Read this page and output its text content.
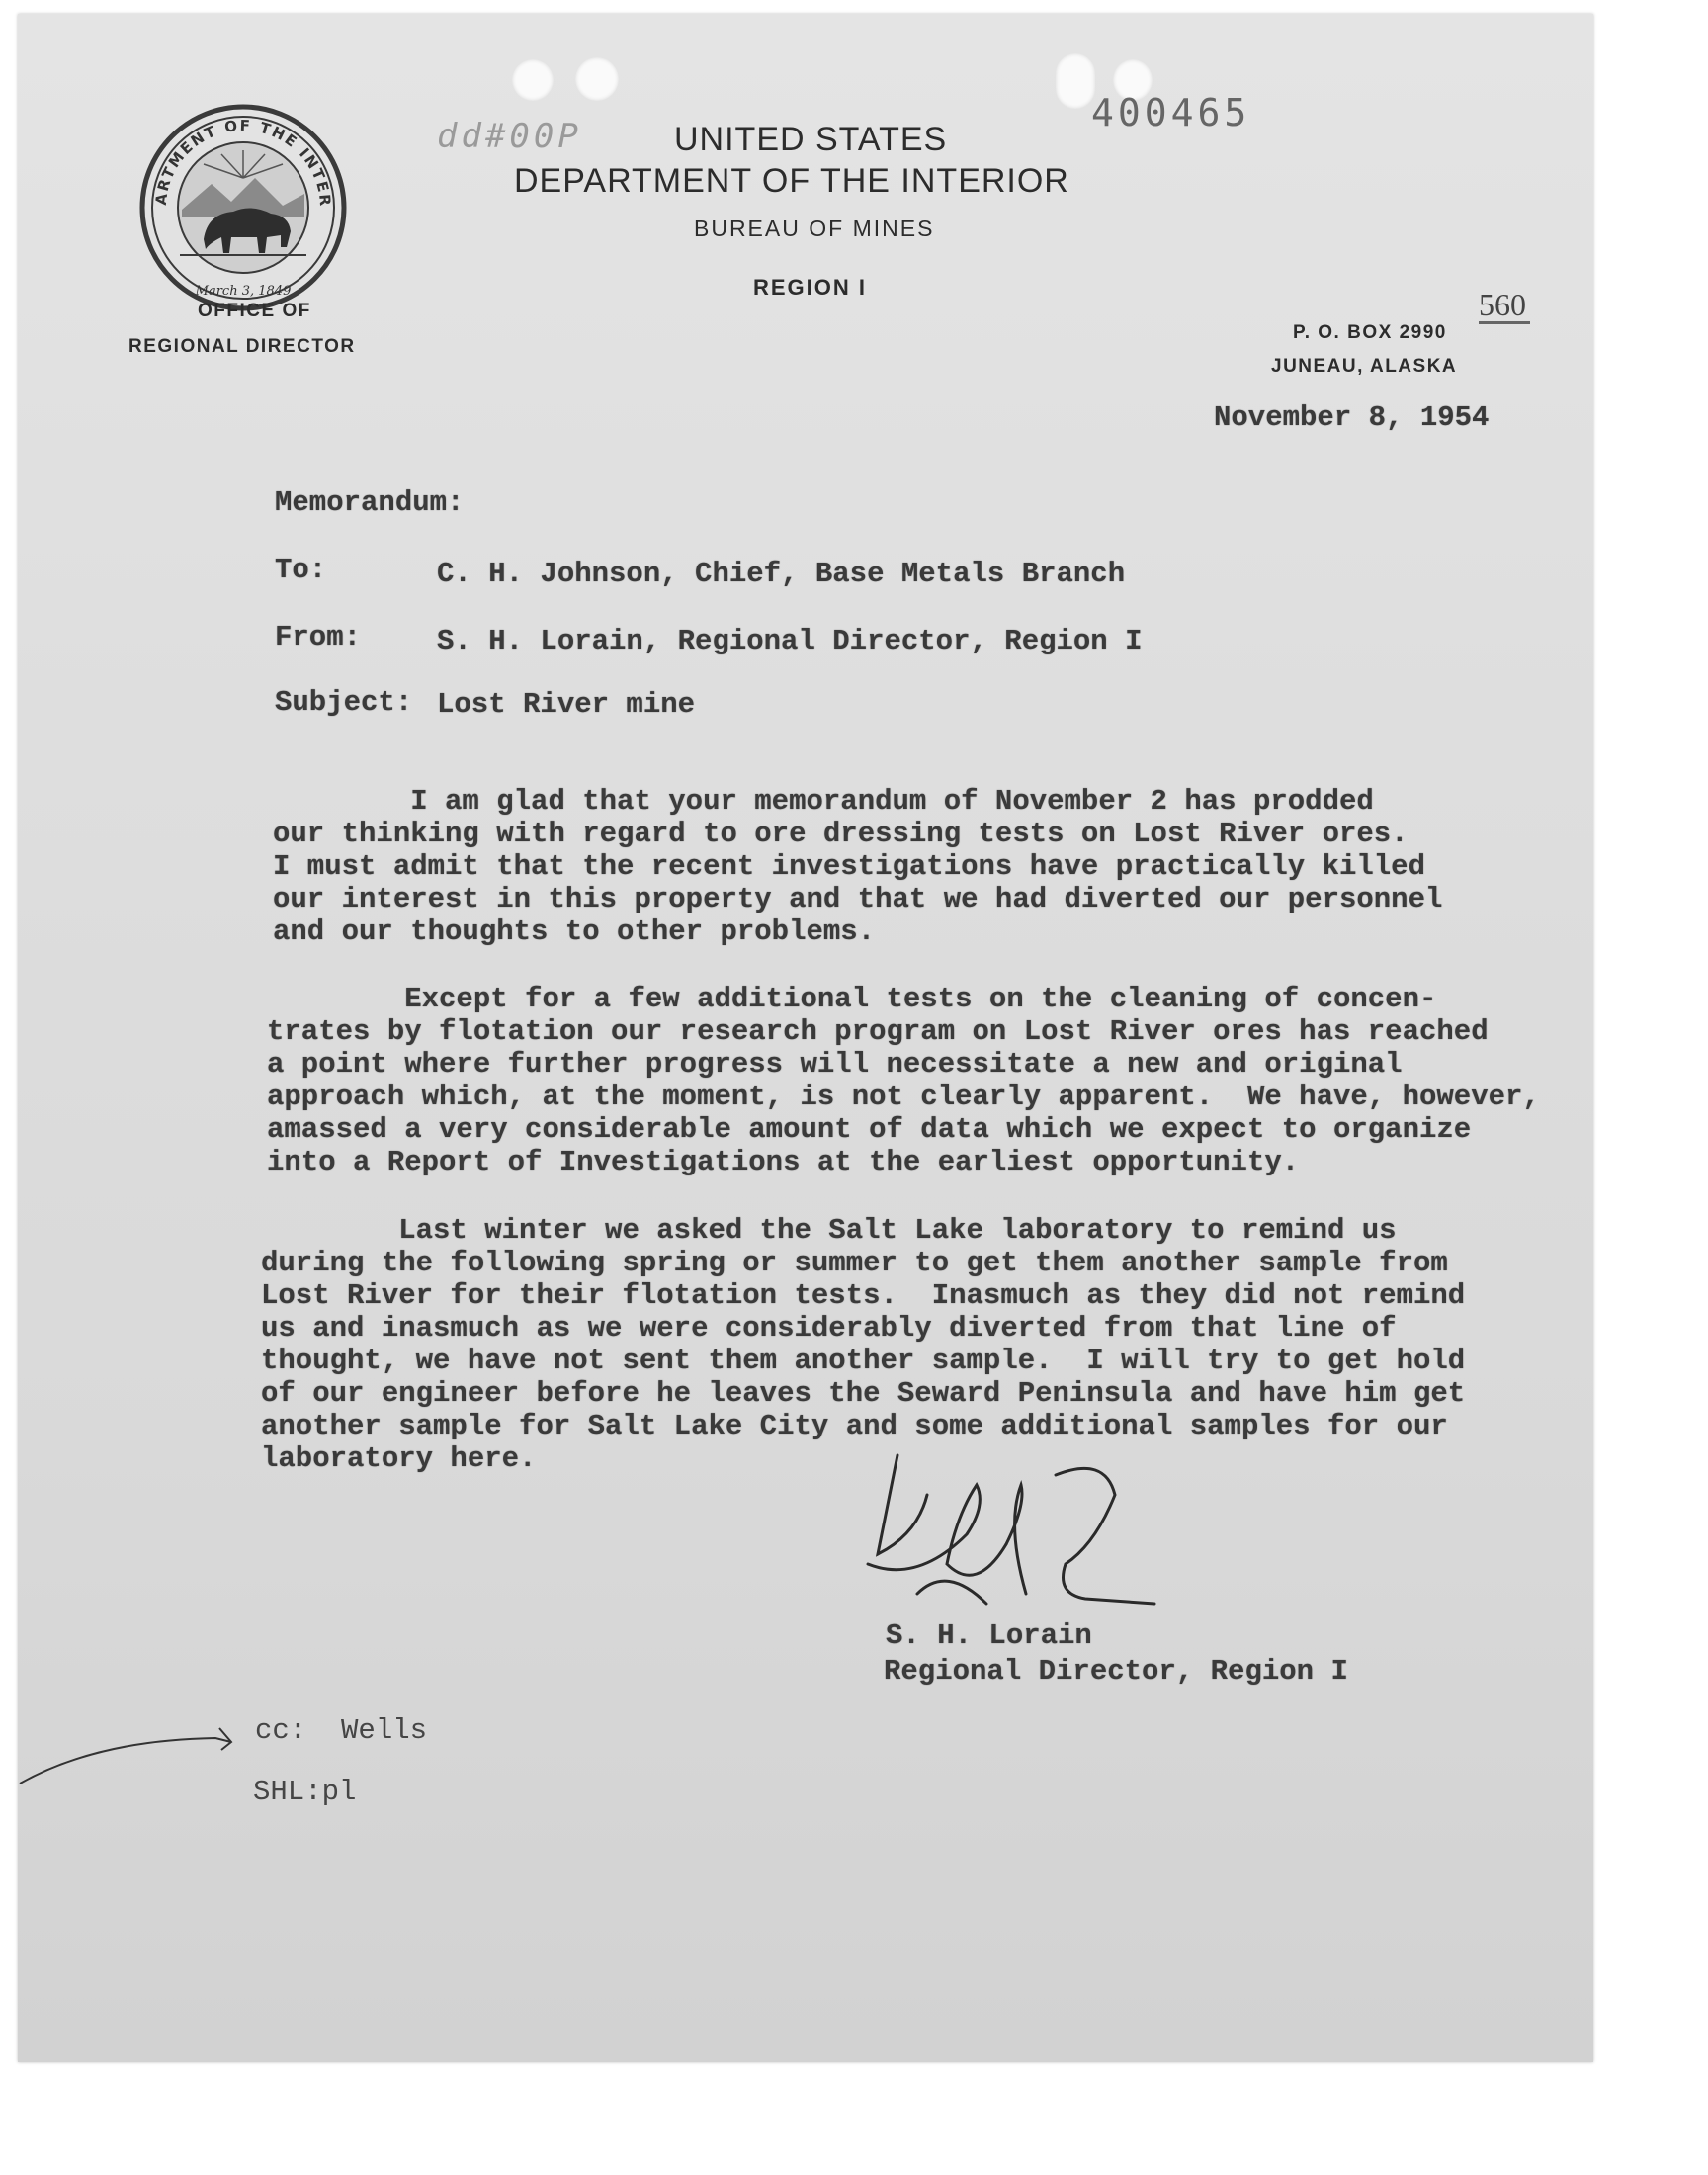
ARTMENT OF THE INTER
March 3, 1849
dd#00P
400465
560
UNITED STATES
DEPARTMENT OF THE INTERIOR
BUREAU OF MINES
REGION I
OFFICE OF
REGIONAL DIRECTOR
P. O. BOX 2990
JUNEAU, ALASKA
November 8, 1954
Memorandum:
To:	C. H. Johnson, Chief, Base Metals Branch
From:	S. H. Lorain, Regional Director, Region I
Subject: Lost River mine
I am glad that your memorandum of November 2 has prodded
our thinking with regard to ore dressing tests on Lost River ores.
I must admit that the recent investigations have practically killed
our interest in this property and that we had diverted our personnel
and our thoughts to other problems.
Except for a few additional tests on the cleaning of concen-
trates by flotation our research program on Lost River ores has reached
a point where further progress will necessitate a new and original
approach which, at the moment, is not clearly apparent.  We have, however,
amassed a very considerable amount of data which we expect to organize
into a Report of Investigations at the earliest opportunity.
Last winter we asked the Salt Lake laboratory to remind us
during the following spring or summer to get them another sample from
Lost River for their flotation tests.  Inasmuch as they did not remind
us and inasmuch as we were considerably diverted from that line of
thought, we have not sent them another sample.  I will try to get hold
of our engineer before he leaves the Seward Peninsula and have him get
another sample for Salt Lake City and some additional samples for our
laboratory here.
S. H. Lorain
Regional Director, Region I
cc:  Wells
SHL:pl
